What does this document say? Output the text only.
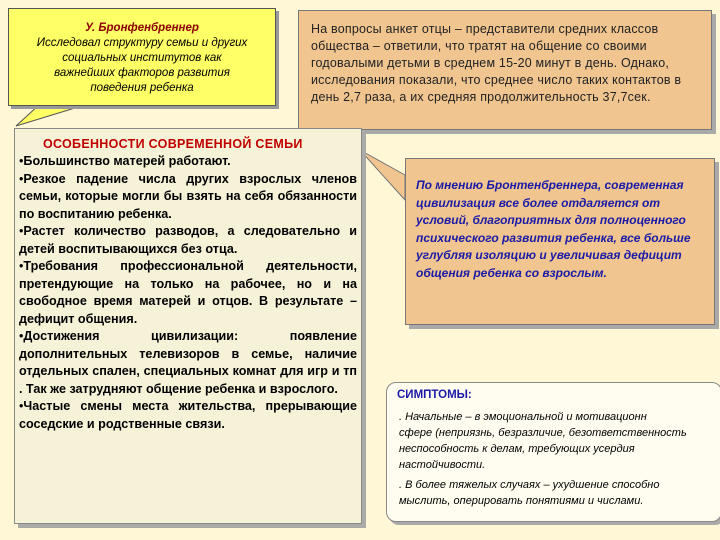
У. Бронфенбреннер
Исследовал структуру семьи и других
социальных институтов как
важнейших факторов развития
поведения ребенка
На вопросы анкет отцы – представители средних классов общества – ответили, что тратят на общение со своими годовалыми детьми в среднем 15-20 минут в день. Однако, исследования показали, что среднее число таких контактов в день 2,7 раза, а их средняя продолжительность 37,7сек.
По мнению Бронтенбреннера, современная цивилизация все более отдаляется от условий, благоприятных для полноценного психического развития ребенка, все больше углубляя изоляцию и увеличивая дефицит общения ребенка со взрослым.
ОСОБЕННОСТИ СОВРЕМЕННОЙ СЕМЬИ
•Большинство матерей работают.
•Резкое падение числа других взрослых членов семьи, которые могли бы взять на себя обязанности по воспитанию ребенка.
•Растет количество разводов, а следовательно и детей воспитывающихся без отца.
•Требования профессиональной деятельности, претендующие на только на рабочее, но и на свободное время матерей и отцов. В результате – дефицит общения.
•Достижения цивилизации: появление дополнительных телевизоров в семье, наличие отдельных спален, специальных комнат для игр и тп . Так же затрудняют общение ребенка и взрослого.
•Частые смены места жительства, прерывающие соседские и родственные связи.
СИМПТОМЫ:
. Начальные – в эмоциональной и мотивационн
сфере (неприязнь, безразличие, безответственность
неспособность к делам, требующих усердия
настойчивости.
. В более тяжелых случаях – ухудшение способно
мыслить, оперировать понятиями и числами.
